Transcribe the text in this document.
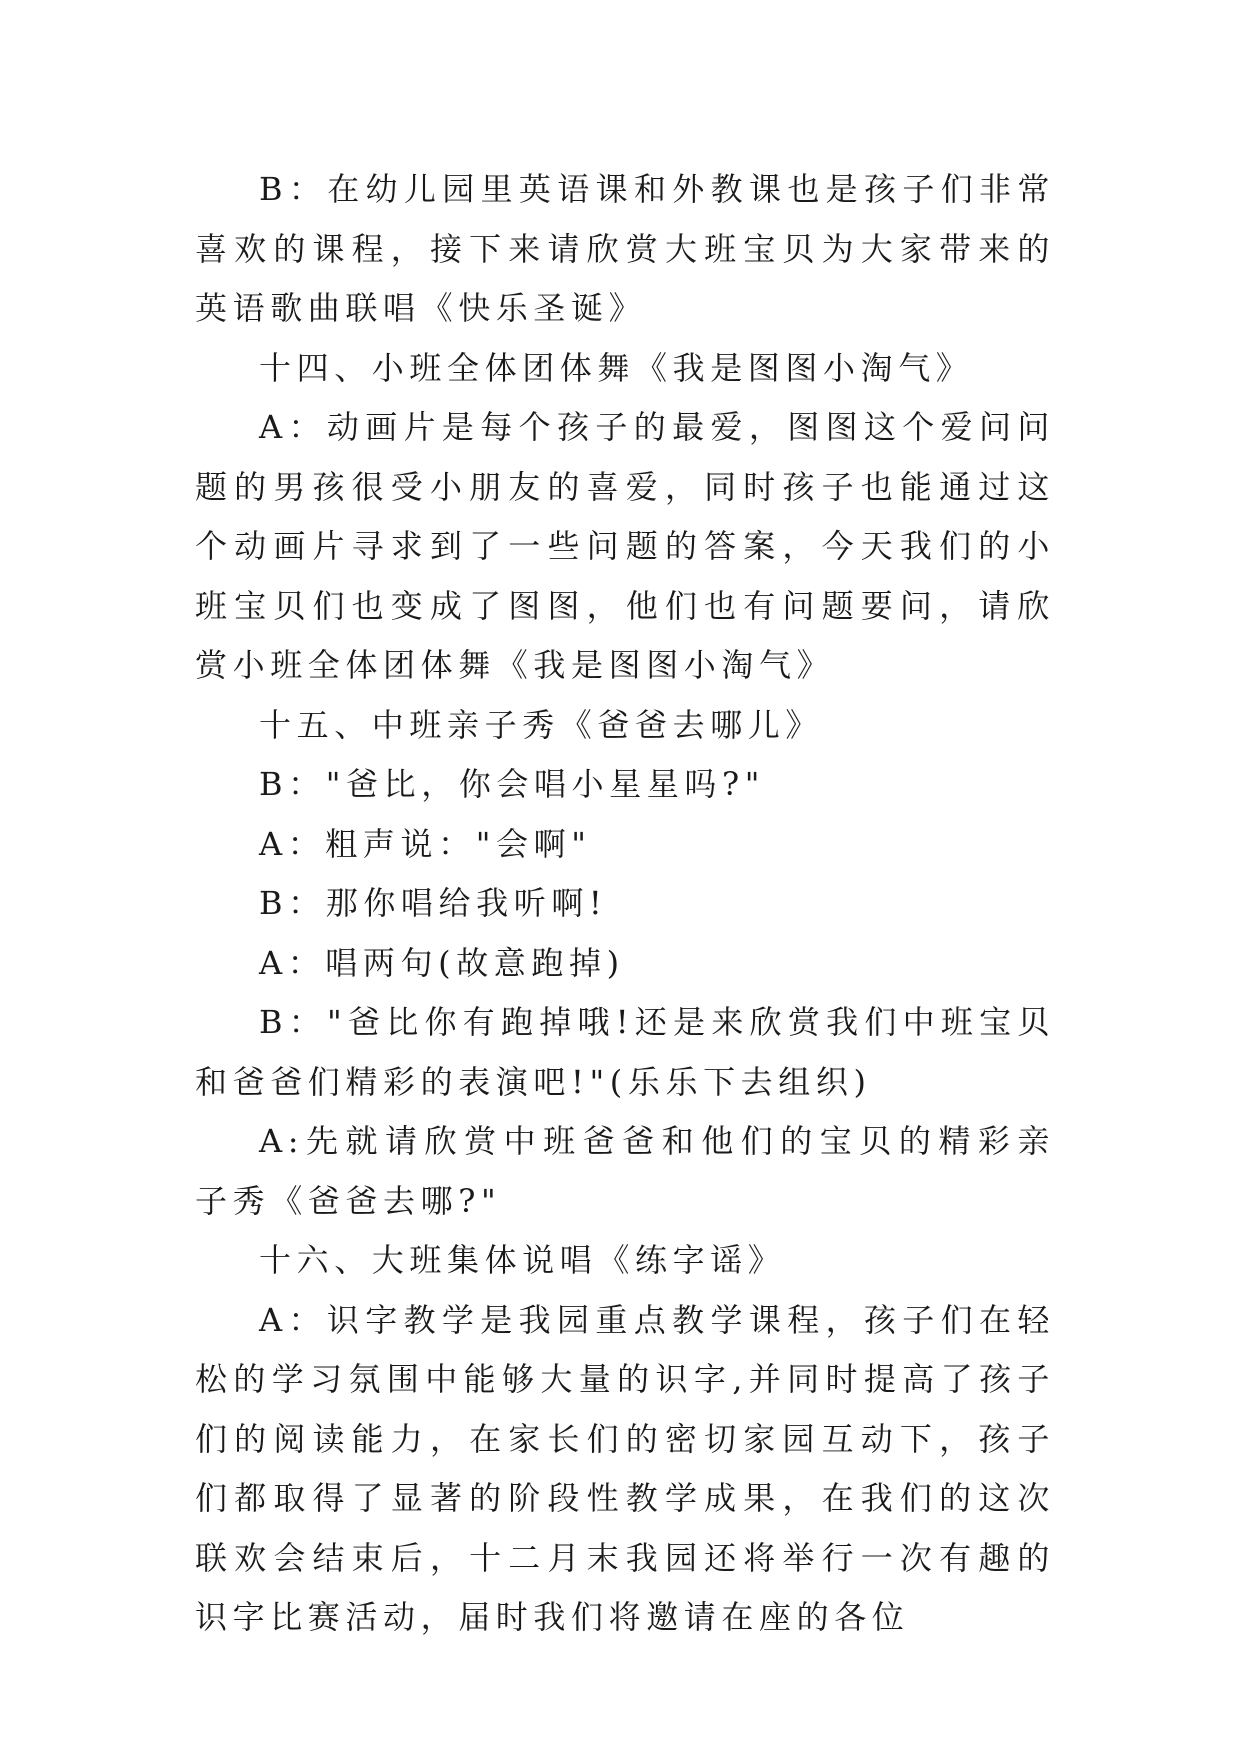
B：在幼儿园里英语课和外教课也是孩子们非常喜欢的课程，接下来请欣赏大班宝贝为大家带来的英语歌曲联唱《快乐圣诞》

十四、小班全体团体舞《我是图图小淘气》

A：动画片是每个孩子的最爱，图图这个爱问问题的男孩很受小朋友的喜爱，同时孩子也能通过这个动画片寻求到了一些问题的答案，今天我们的小班宝贝们也变成了图图，他们也有问题要问，请欣赏小班全体团体舞《我是图图小淘气》

十五、中班亲子秀《爸爸去哪儿》

B："爸比，你会唱小星星吗?"

A：粗声说："会啊"

B：那你唱给我听啊!

A：唱两句(故意跑掉)

B："爸比你有跑掉哦!还是来欣赏我们中班宝贝和爸爸们精彩的表演吧!"(乐乐下去组织)

A:先就请欣赏中班爸爸和他们的宝贝的精彩亲子秀《爸爸去哪?"

十六、大班集体说唱《练字谣》

A：识字教学是我园重点教学课程，孩子们在轻松的学习氛围中能够大量的识字,并同时提高了孩子们的阅读能力，在家长们的密切家园互动下，孩子们都取得了显著的阶段性教学成果，在我们的这次联欢会结束后，十二月末我园还将举行一次有趣的识字比赛活动，届时我们将邀请在座的各位
